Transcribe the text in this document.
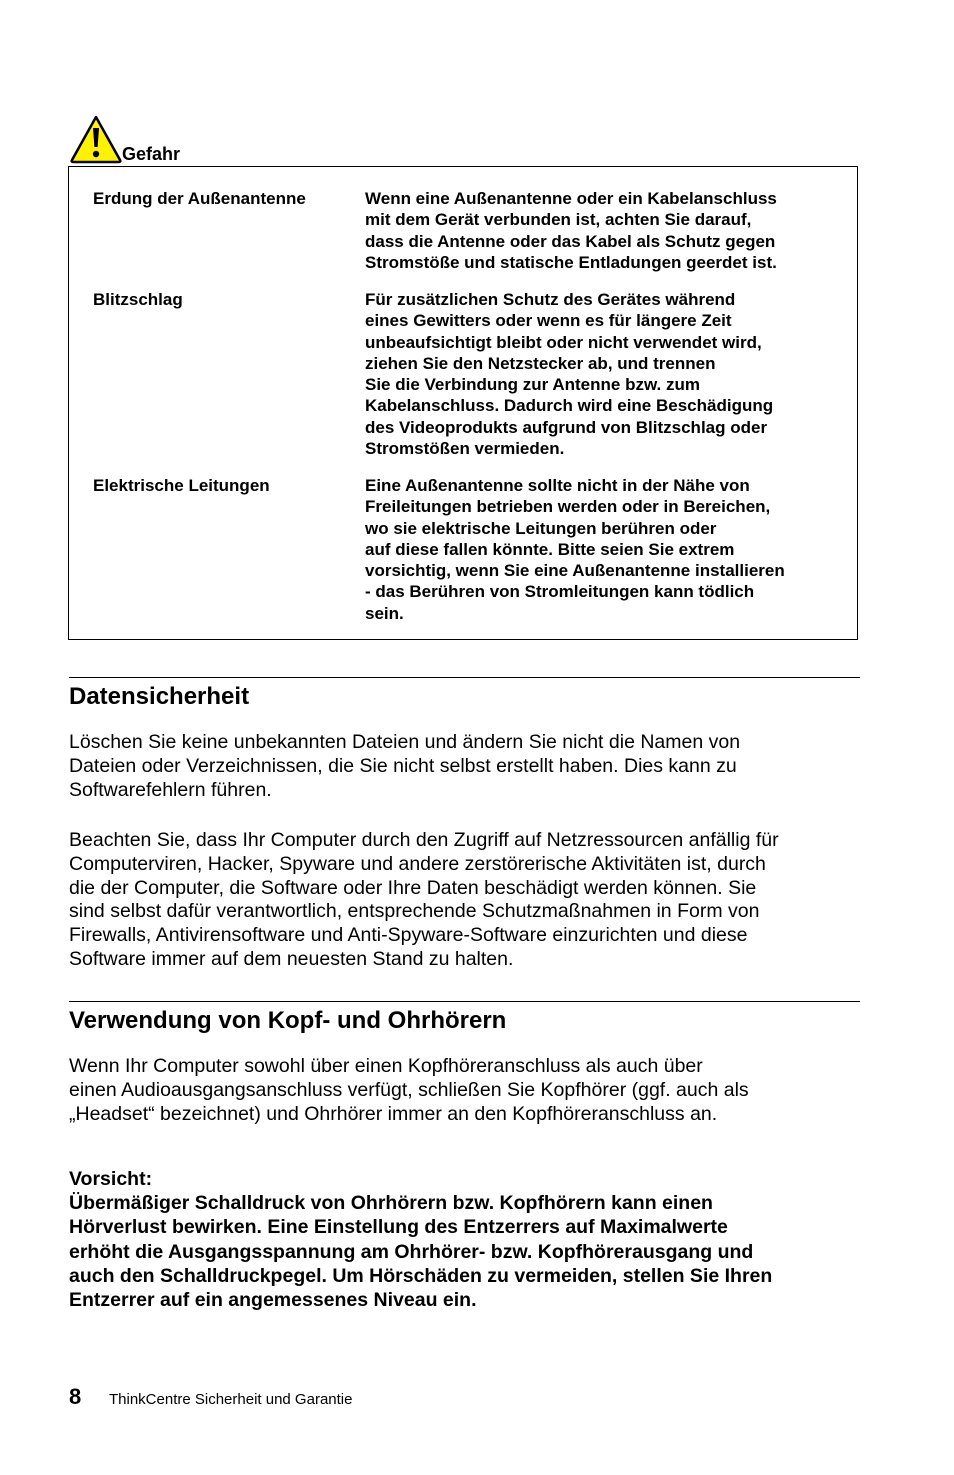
Gefahr
Erdung der Außenantenne	Wenn eine Außenantenne oder ein Kabelanschluss
mit dem Gerät verbunden ist, achten Sie darauf,
dass die Antenne oder das Kabel als Schutz gegen
Stromstöße und statische Entladungen geerdet ist.
Blitzschlag	Für zusätzlichen Schutz des Gerätes während
eines Gewitters oder wenn es für längere Zeit
unbeaufsichtigt bleibt oder nicht verwendet wird,
ziehen Sie den Netzstecker ab, und trennen
Sie die Verbindung zur Antenne bzw. zum
Kabelanschluss. Dadurch wird eine Beschädigung
des Videoprodukts aufgrund von Blitzschlag oder
Stromstößen vermieden.
Elektrische Leitungen	Eine Außenantenne sollte nicht in der Nähe von
Freileitungen betrieben werden oder in Bereichen,
wo sie elektrische Leitungen berühren oder
auf diese fallen könnte. Bitte seien Sie extrem
vorsichtig, wenn Sie eine Außenantenne installieren
- das Berühren von Stromleitungen kann tödlich
sein.
Datensicherheit
Löschen Sie keine unbekannten Dateien und ändern Sie nicht die Namen von
Dateien oder Verzeichnissen, die Sie nicht selbst erstellt haben. Dies kann zu
Softwarefehlern führen.
Beachten Sie, dass Ihr Computer durch den Zugriff auf Netzressourcen anfällig für
Computerviren, Hacker, Spyware und andere zerstörerische Aktivitäten ist, durch
die der Computer, die Software oder Ihre Daten beschädigt werden können. Sie
sind selbst dafür verantwortlich, entsprechende Schutzmaßnahmen in Form von
Firewalls, Antivirensoftware und Anti-Spyware-Software einzurichten und diese
Software immer auf dem neuesten Stand zu halten.
Verwendung von Kopf- und Ohrhörern
Wenn Ihr Computer sowohl über einen Kopfhöreranschluss als auch über
einen Audioausgangsanschluss verfügt, schließen Sie Kopfhörer (ggf. auch als
„Headset“ bezeichnet) und Ohrhörer immer an den Kopfhöreranschluss an.
Vorsicht:
Übermäßiger Schalldruck von Ohrhörern bzw. Kopfhörern kann einen
Hörverlust bewirken. Eine Einstellung des Entzerrers auf Maximalwerte
erhöht die Ausgangsspannung am Ohrhörer- bzw. Kopfhörerausgang und
auch den Schalldruckpegel. Um Hörschäden zu vermeiden, stellen Sie Ihren
Entzerrer auf ein angemessenes Niveau ein.
8	ThinkCentre Sicherheit und Garantie
